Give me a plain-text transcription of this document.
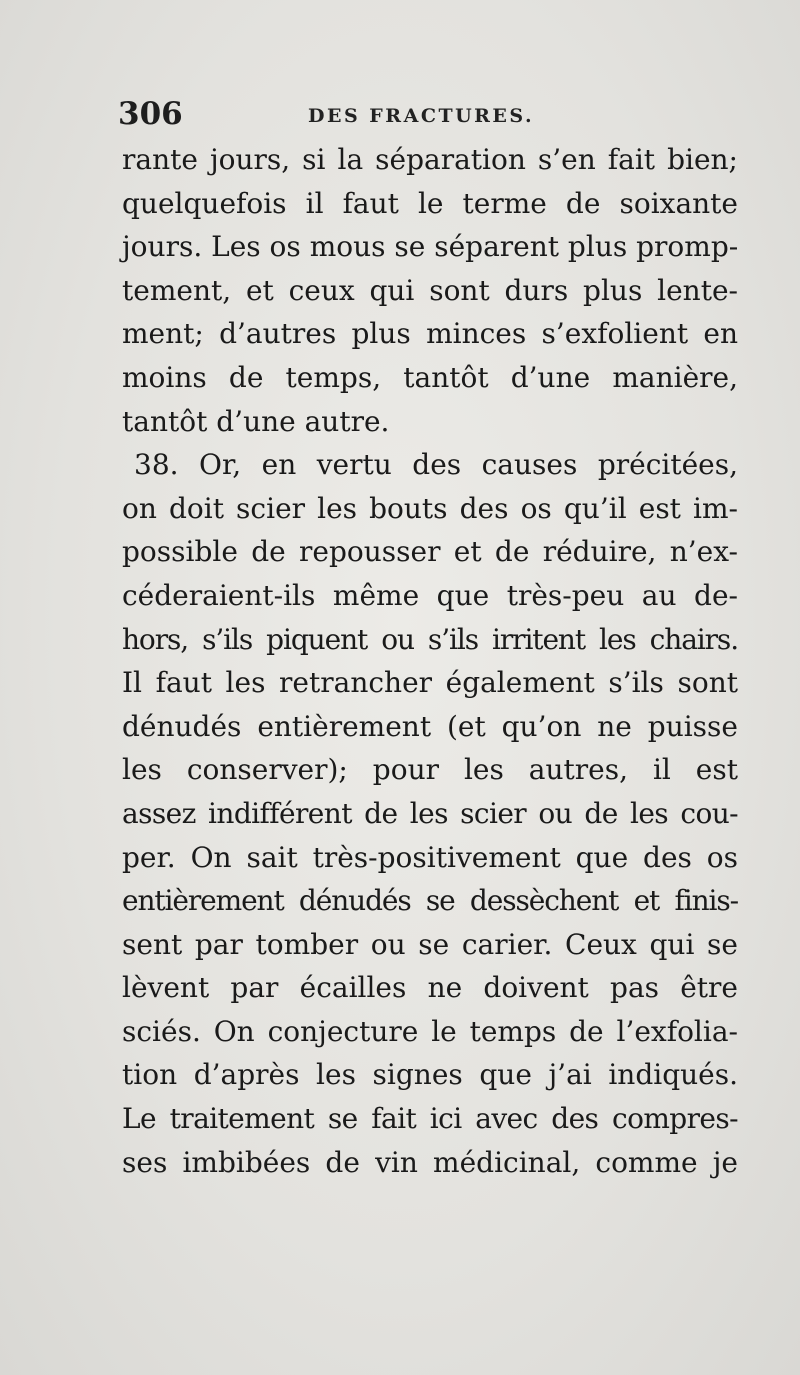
306	DES FRACTURES.
rante jours, si la séparation s’en fait bien;
quelquefois il faut le terme de soixante
jours. Les os mous se séparent plus promp-
tement, et ceux qui sont durs plus lente-
ment; d’autres plus minces s’exfolient en
moins de temps, tantôt d’une manière,
tantôt d’une autre.
38. Or, en vertu des causes précitées,
on doit scier les bouts des os qu’il est im-
possible de repousser et de réduire, n’ex-
céderaient-ils même que très-peu au de-
hors, s’ils piquent ou s’ils irritent les chairs.
Il faut les retrancher également s’ils sont
dénudés entièrement (et qu’on ne puisse
les conserver); pour les autres, il est
assez indifférent de les scier ou de les cou-
per. On sait très-positivement que des os
entièrement dénudés se dessèchent et finis-
sent par tomber ou se carier. Ceux qui se
lèvent par écailles ne doivent pas être
sciés. On conjecture le temps de l’exfolia-
tion d’après les signes que j’ai indiqués.
Le traitement se fait ici avec des compres-
ses imbibées de vin médicinal, comme je
